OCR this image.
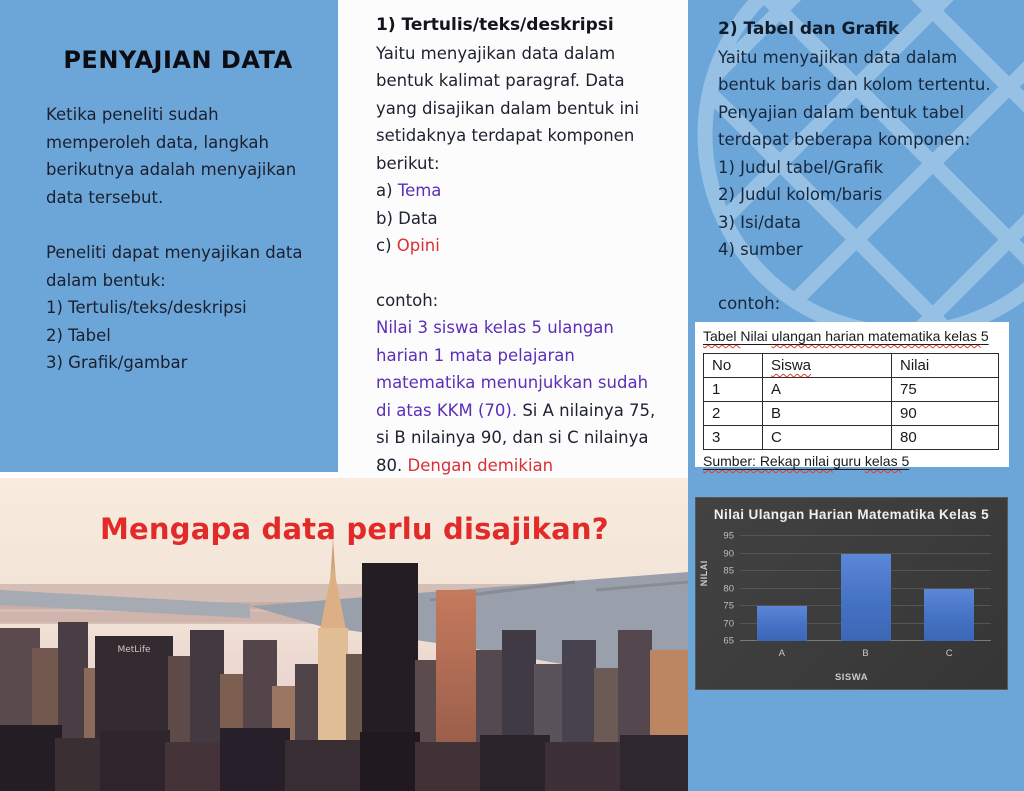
PENYAJIAN DATA
Ketika peneliti sudah memperoleh data, langkah berikutnya adalah menyajikan data tersebut.
Peneliti dapat menyajikan data dalam bentuk:
1) Tertulis/teks/deskripsi
2) Tabel
3) Grafik/gambar
1) Tertulis/teks/deskripsi
Yaitu menyajikan data dalam bentuk kalimat paragraf. Data yang disajikan dalam bentuk ini setidaknya terdapat komponen berikut:
a) Tema
b) Data
c) Opini
contoh:
Nilai 3 siswa kelas 5 ulangan harian 1 mata pelajaran matematika menunjukkan sudah di atas KKM (70). Si A nilainya 75, si B nilainya 90, dan si C nilainya 80. Dengan demikian
2) Tabel dan Grafik
Yaitu menyajikan data dalam bentuk baris dan kolom tertentu. Penyajian dalam bentuk tabel terdapat beberapa komponen:
1) Judul tabel/Grafik
2) Judul kolom/baris
3) Isi/data
4) sumber
contoh:
Tabel Nilai ulangan harian matematika kelas 5
No	Siswa	Nilai
1	A	75
2	B	90
3	C	80
Sumber: Rekap nilai guru kelas 5
Nilai Ulangan Harian Matematika Kelas 5
NILAI
65
70
75
80
85
90
95
A	B	C
SISWA
MetLife
Mengapa data perlu disajikan?
